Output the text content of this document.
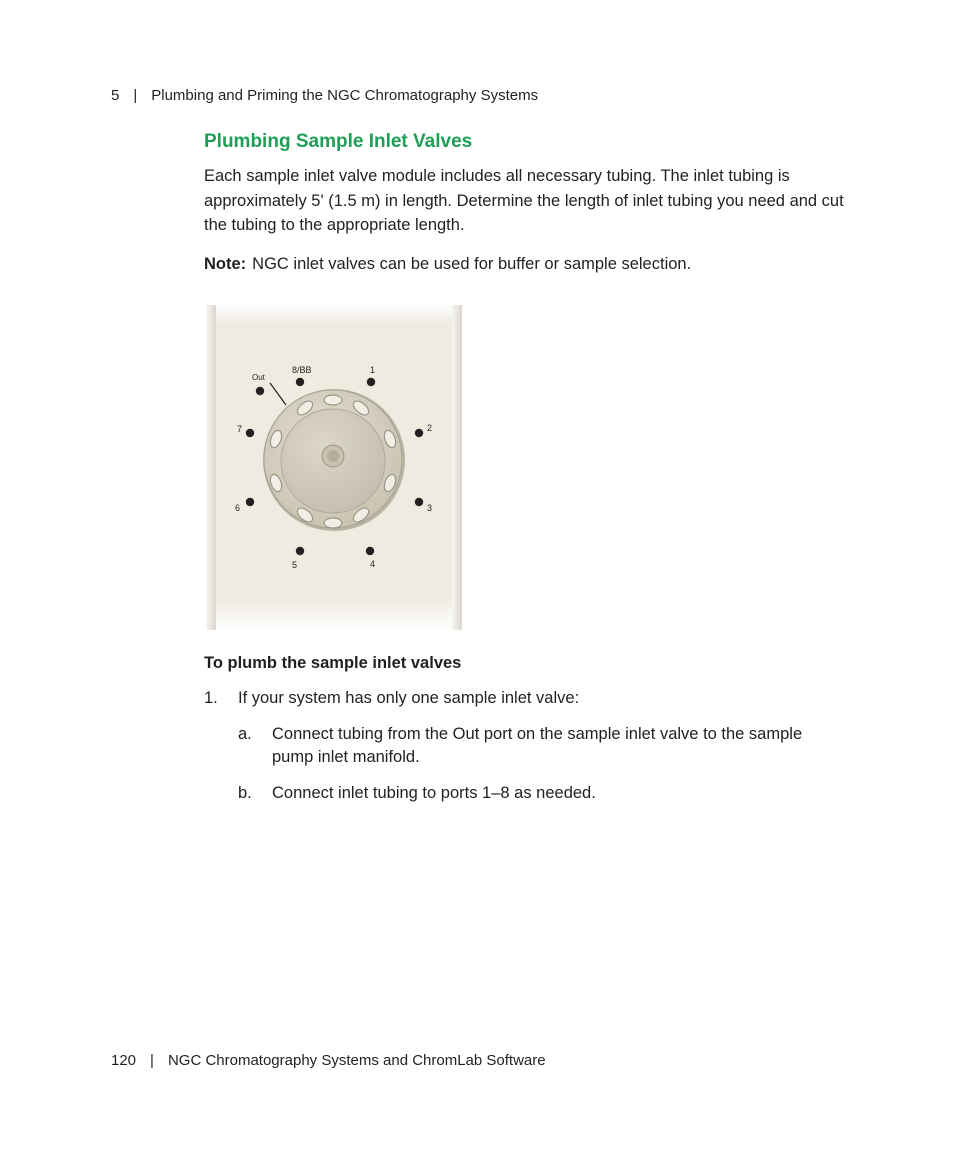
5 | Plumbing and Priming the NGC Chromatography Systems
Plumbing Sample Inlet Valves

Each sample inlet valve module includes all necessary tubing. The inlet tubing is approximately 5' (1.5 m) in length. Determine the length of inlet tubing you need and cut the tubing to the appropriate length.

Note: NGC inlet valves can be used for buffer or sample selection.

Out
8/BB	1
7	2
6	3
5	4
To plumb the sample inlet valves
1. If your system has only one sample inlet valve:
a. Connect tubing from the Out port on the sample inlet valve to the sample pump inlet manifold.
b. Connect inlet tubing to ports 1–8 as needed.
120 | NGC Chromatography Systems and ChromLab Software
